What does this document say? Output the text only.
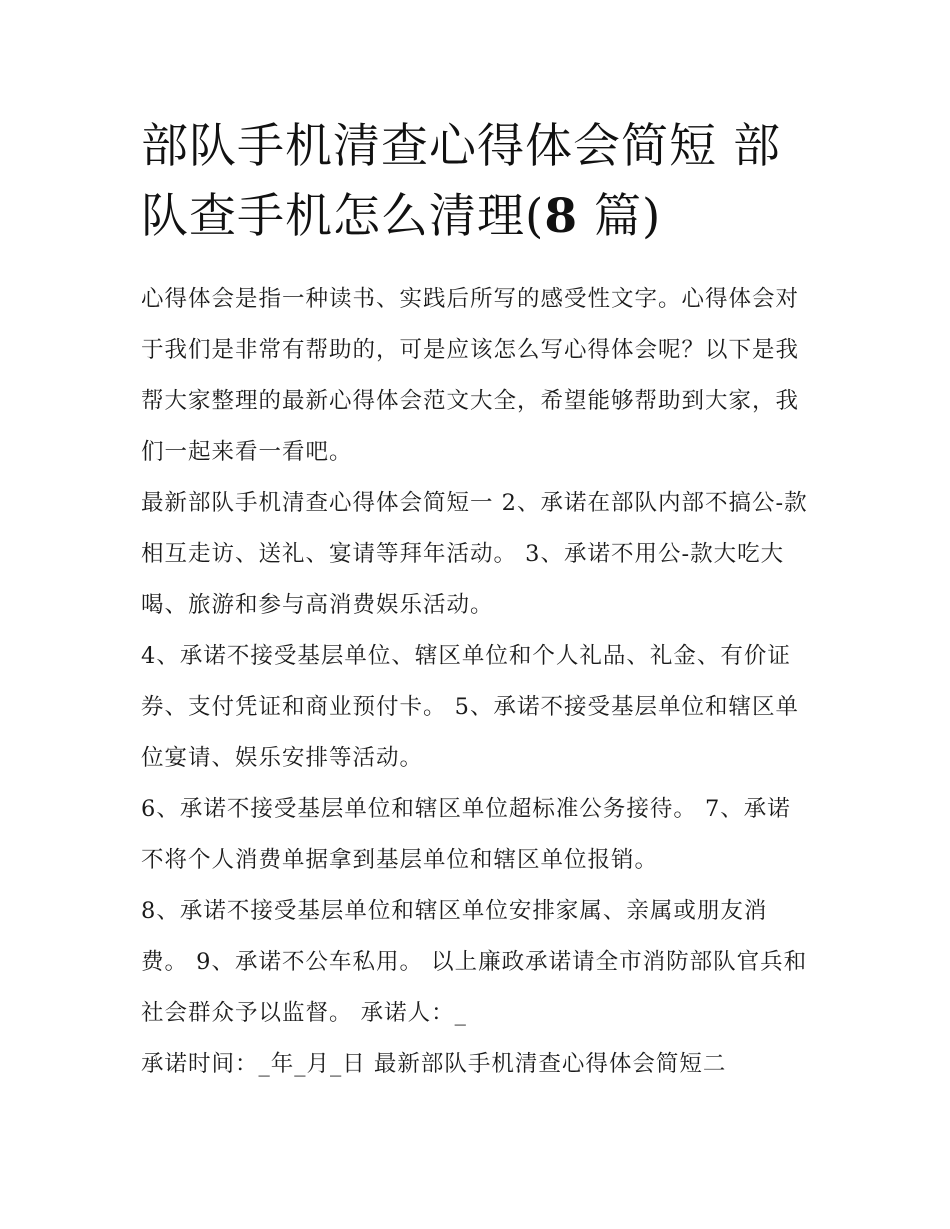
部队手机清查心得体会简短 部队查手机怎么清理(8 篇)

心得体会是指一种读书、实践后所写的感受性文字。心得体会对于我们是非常有帮助的，可是应该怎么写心得体会呢？以下是我帮大家整理的最新心得体会范文大全，希望能够帮助到大家，我们一起来看一看吧。

最新部队手机清查心得体会简短一 2、承诺在部队内部不搞公-款相互走访、送礼、宴请等拜年活动。 3、承诺不用公-款大吃大喝、旅游和参与高消费娱乐活动。

4、承诺不接受基层单位、辖区单位和个人礼品、礼金、有价证券、支付凭证和商业预付卡。 5、承诺不接受基层单位和辖区单位宴请、娱乐安排等活动。

6、承诺不接受基层单位和辖区单位超标准公务接待。 7、承诺不将个人消费单据拿到基层单位和辖区单位报销。

8、承诺不接受基层单位和辖区单位安排家属、亲属或朋友消费。 9、承诺不公车私用。 以上廉政承诺请全市消防部队官兵和社会群众予以监督。 承诺人：_

承诺时间：_年_月_日 最新部队手机清查心得体会简短二
